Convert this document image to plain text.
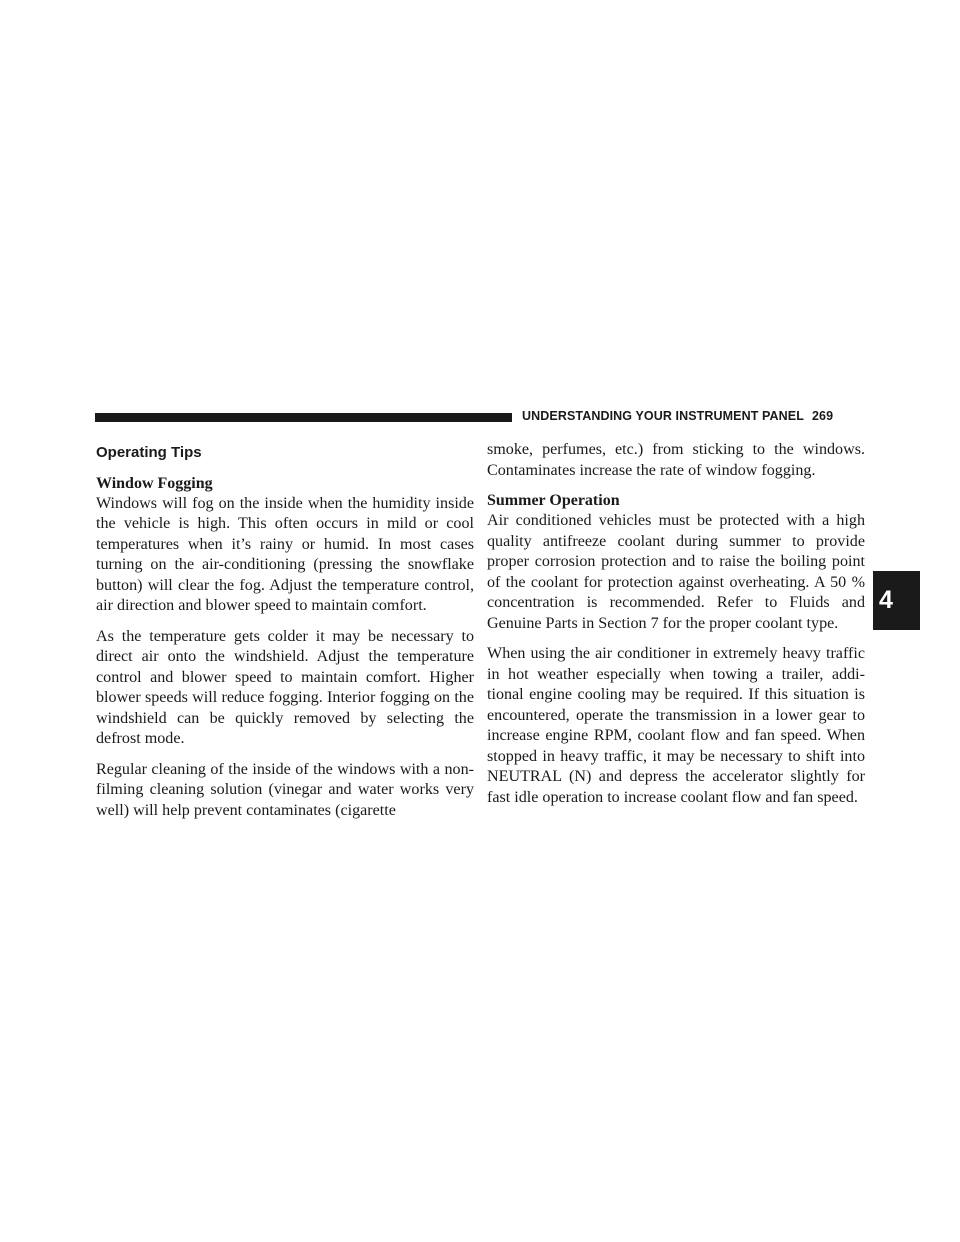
UNDERSTANDING YOUR INSTRUMENT PANEL 269
4
Operating Tips
Window Fogging

Windows will fog on the inside when the humidity inside the vehicle is high. This often occurs in mild or cool temperatures when it’s rainy or humid. In most cases turning on the air-conditioning (pressing the snowflake button) will clear the fog. Adjust the temperature control, air direction and blower speed to maintain comfort.

As the temperature gets colder it may be necessary to direct air onto the windshield. Adjust the temperature control and blower speed to maintain comfort. Higher blower speeds will reduce fogging. Interior fogging on the windshield can be quickly removed by selecting the defrost mode.

Regular cleaning of the inside of the windows with a non-filming cleaning solution (vinegar and water works very well) will help prevent contaminates (cigarette

smoke, perfumes, etc.) from sticking to the windows. Contaminates increase the rate of window fogging.

Summer Operation

Air conditioned vehicles must be protected with a high quality antifreeze coolant during summer to provide proper corrosion protection and to raise the boiling point of the coolant for protection against overheating. A 50 % concentration is recommended. Refer to Fluids and Genuine Parts in Section 7 for the proper coolant type.

When using the air conditioner in extremely heavy traffic in hot weather especially when towing a trailer, addi-tional engine cooling may be required. If this situation is encountered, operate the transmission in a lower gear to increase engine RPM, coolant flow and fan speed. When stopped in heavy traffic, it may be necessary to shift into NEUTRAL (N) and depress the accelerator slightly for fast idle operation to increase coolant flow and fan speed.
